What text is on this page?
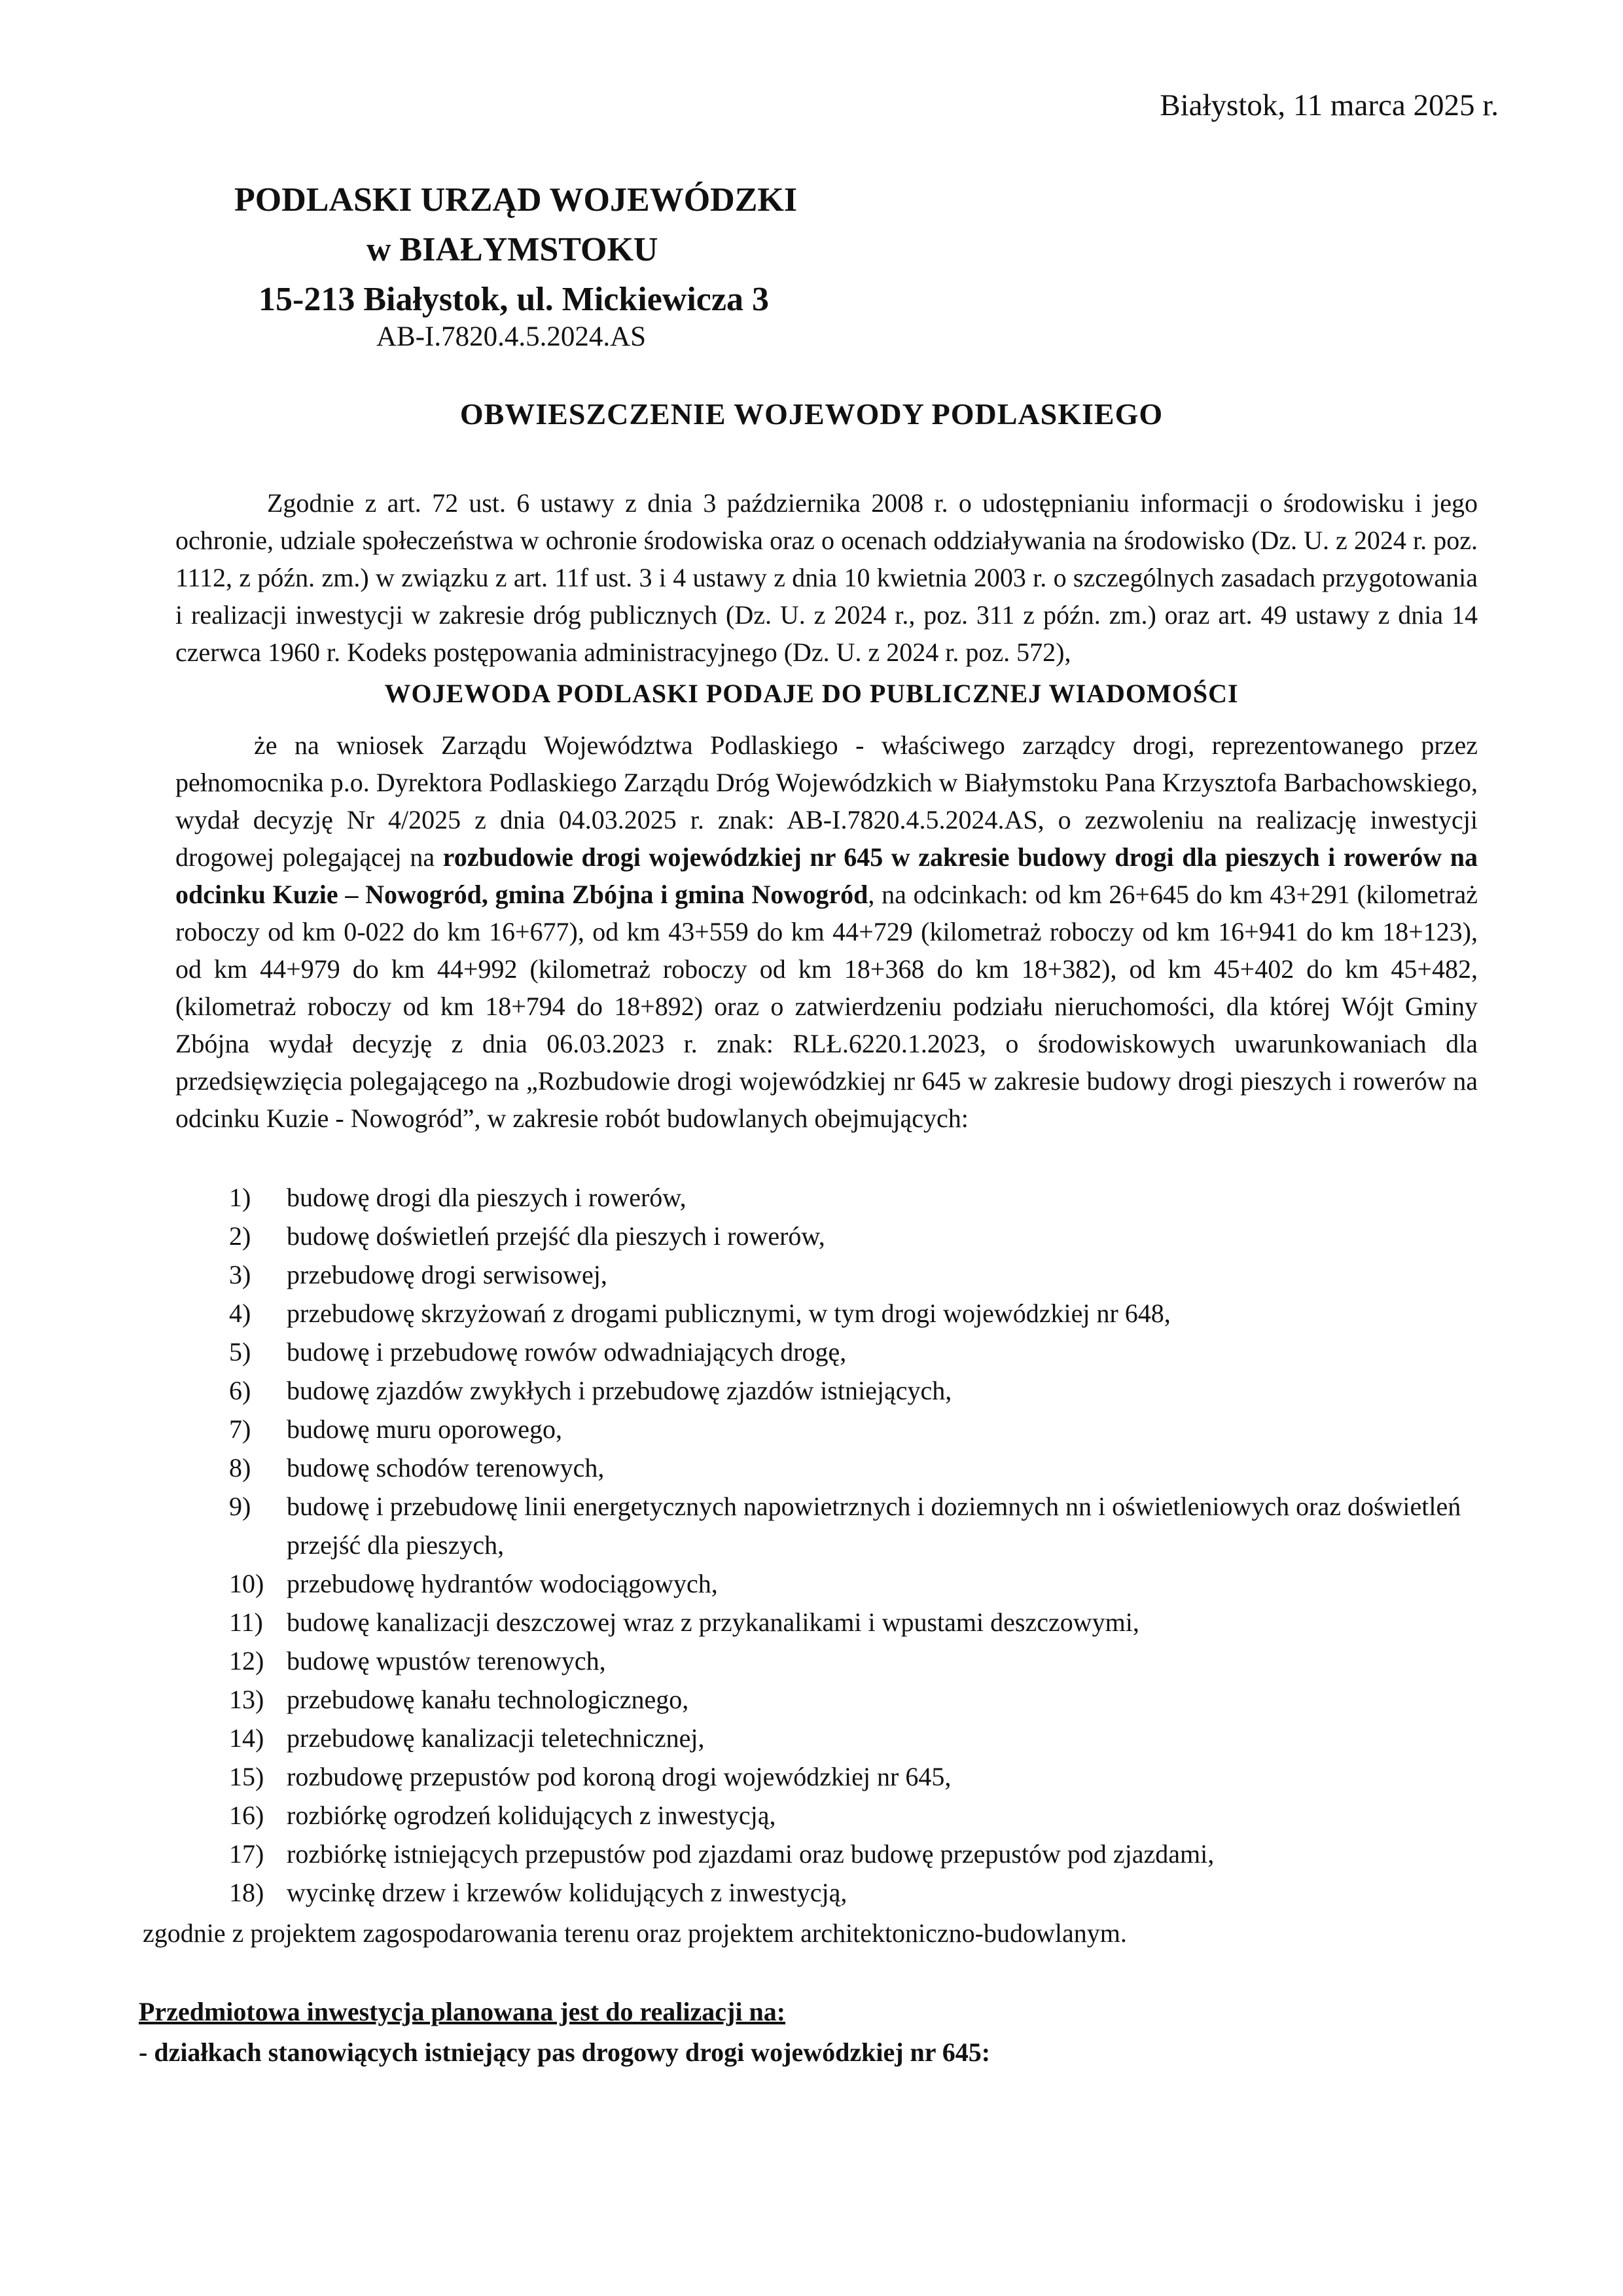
Białystok, 11 marca 2025 r.
PODLASKI URZĄD WOJEWÓDZKI
w BIAŁYMSTOKU
15-213 Białystok, ul. Mickiewicza 3
AB-I.7820.4.5.2024.AS
OBWIESZCZENIE WOJEWODY PODLASKIEGO
Zgodnie z art. 72 ust. 6 ustawy z dnia 3 października 2008 r. o udostępnianiu informacji o środowisku i jego ochronie, udziale społeczeństwa w ochronie środowiska oraz o ocenach oddziaływania na środowisko (Dz. U. z 2024 r. poz. 1112, z późn. zm.) w związku z art. 11f ust. 3 i 4 ustawy z dnia 10 kwietnia 2003 r. o szczególnych zasadach przygotowania i realizacji inwestycji w zakresie dróg publicznych (Dz. U. z 2024 r., poz. 311 z późn. zm.) oraz art. 49 ustawy z dnia 14 czerwca 1960 r. Kodeks postępowania administracyjnego (Dz. U. z 2024 r. poz. 572),
WOJEWODA PODLASKI PODAJE DO PUBLICZNEJ WIADOMOŚCI
że na wniosek Zarządu Województwa Podlaskiego - właściwego zarządcy drogi, reprezentowanego przez pełnomocnika p.o. Dyrektora Podlaskiego Zarządu Dróg Wojewódzkich w Białymstoku Pana Krzysztofa Barbachowskiego, wydał decyzję Nr 4/2025 z dnia 04.03.2025 r. znak: AB-I.7820.4.5.2024.AS, o zezwoleniu na realizację inwestycji drogowej polegającej na rozbudowie drogi wojewódzkiej nr 645 w zakresie budowy drogi dla pieszych i rowerów na odcinku Kuzie – Nowogród, gmina Zbójna i gmina Nowogród, na odcinkach: od km 26+645 do km 43+291 (kilometraż roboczy od km 0-022 do km 16+677), od km 43+559 do km 44+729 (kilometraż roboczy od km 16+941 do km 18+123), od km 44+979 do km 44+992 (kilometraż roboczy od km 18+368 do km 18+382), od km 45+402 do km 45+482, (kilometraż roboczy od km 18+794 do 18+892) oraz o zatwierdzeniu podziału nieruchomości, dla której Wójt Gminy Zbójna wydał decyzję z dnia 06.03.2023 r. znak: RLŁ.6220.1.2023, o środowiskowych uwarunkowaniach dla przedsięwzięcia polegającego na „Rozbudowie drogi wojewódzkiej nr 645 w zakresie budowy drogi pieszych i rowerów na odcinku Kuzie - Nowogród”, w zakresie robót budowlanych obejmujących:
1) budowę drogi dla pieszych i rowerów,
2) budowę doświetleń przejść dla pieszych i rowerów,
3) przebudowę drogi serwisowej,
4) przebudowę skrzyżowań z drogami publicznymi, w tym drogi wojewódzkiej nr 648,
5) budowę i przebudowę rowów odwadniających drogę,
6) budowę zjazdów zwykłych i przebudowę zjazdów istniejących,
7) budowę muru oporowego,
8) budowę schodów terenowych,
9) budowę i przebudowę linii energetycznych napowietrznych i doziemnych nn i oświetleniowych oraz doświetleń przejść dla pieszych,
10) przebudowę hydrantów wodociągowych,
11) budowę kanalizacji deszczowej wraz z przykanalikami i wpustami deszczowymi,
12) budowę wpustów terenowych,
13) przebudowę kanału technologicznego,
14) przebudowę kanalizacji teletechnicznej,
15) rozbudowę przepustów pod koroną drogi wojewódzkiej nr 645,
16) rozbiórkę ogrodzeń kolidujących z inwestycją,
17) rozbiórkę istniejących przepustów pod zjazdami oraz budowę przepustów pod zjazdami,
18) wycinkę drzew i krzewów kolidujących z inwestycją,
zgodnie z projektem zagospodarowania terenu oraz projektem architektoniczno-budowlanym.
Przedmiotowa inwestycja planowana jest do realizacji na:
- działkach stanowiących istniejący pas drogowy drogi wojewódzkiej nr 645:
